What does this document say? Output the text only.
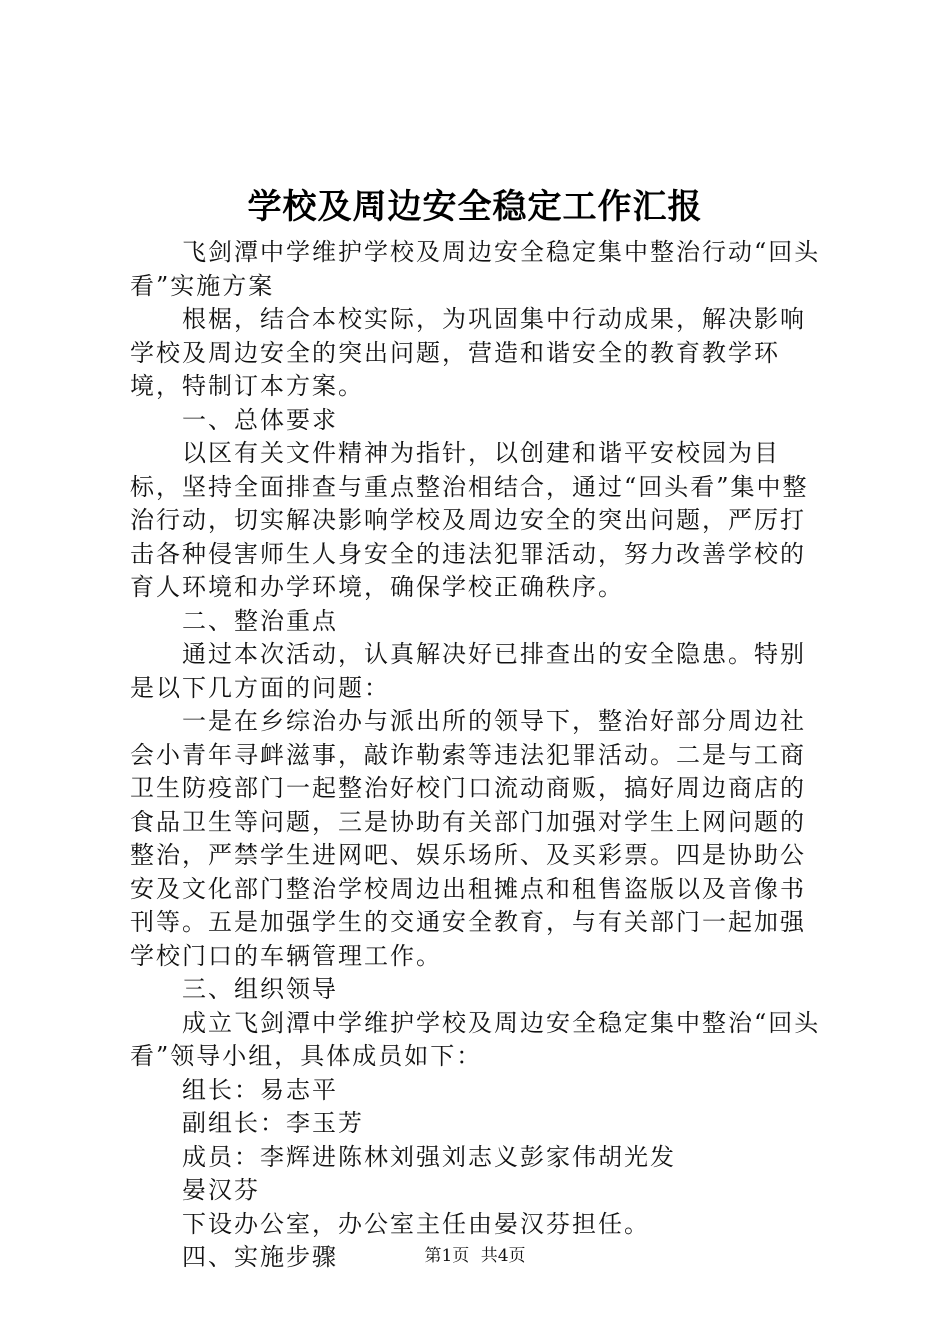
学校及周边安全稳定工作汇报

飞剑潭中学维护学校及周边安全稳定集中整治行动“回头看”实施方案

根椐，结合本校实际，为巩固集中行动成果，解决影响学校及周边安全的突出问题，营造和谐安全的教育教学环境，特制订本方案。

一、总体要求

以区有关文件精神为指针，以创建和谐平安校园为目标，坚持全面排查与重点整治相结合，通过“回头看”集中整治行动，切实解决影响学校及周边安全的突出问题，严厉打击各种侵害师生人身安全的违法犯罪活动，努力改善学校的育人环境和办学环境，确保学校正确秩序。

二、整治重点

通过本次活动，认真解决好已排查出的安全隐患。特别是以下几方面的问题：

一是在乡综治办与派出所的领导下，整治好部分周边社会小青年寻衅滋事，敲诈勒索等违法犯罪活动。二是与工商卫生防疫部门一起整治好校门口流动商贩，搞好周边商店的食品卫生等问题，三是协助有关部门加强对学生上网问题的整治，严禁学生进网吧、娱乐场所、及买彩票。四是协助公安及文化部门整治学校周边出租摊点和租售盗版以及音像书刊等。五是加强学生的交通安全教育，与有关部门一起加强学校门口的车辆管理工作。

三、组织领导

成立飞剑潭中学维护学校及周边安全稳定集中整治“回头看”领导小组，具体成员如下：

组长：易志平

副组长：李玉芳

成员：李辉进陈林刘强刘志义彭家伟胡光发

晏汉芬

下设办公室，办公室主任由晏汉芬担任。

四、实施步骤	第1页 共4页
